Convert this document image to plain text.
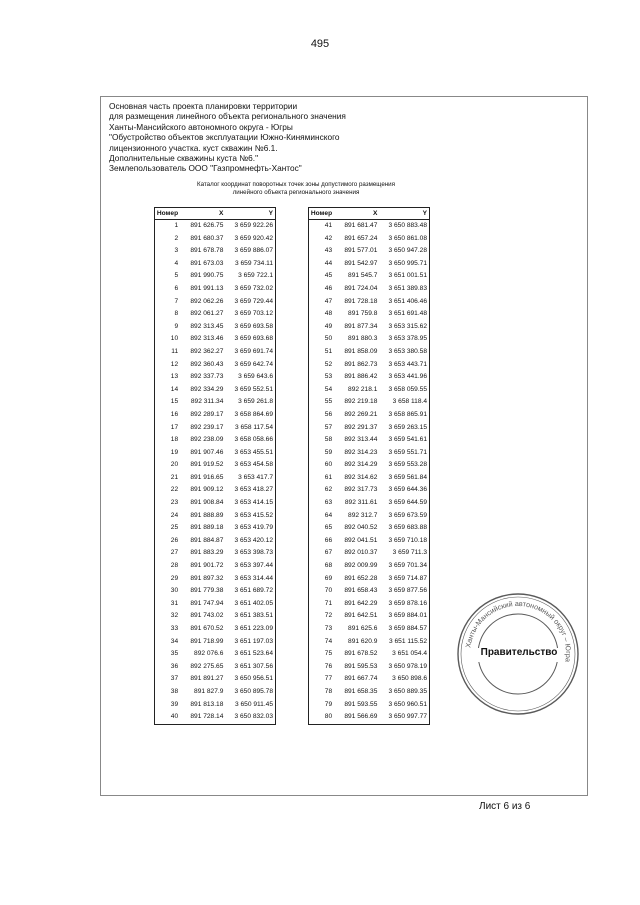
495
Основная часть проекта планировки территории
для размещения линейного объекта регионального значения
Ханты-Мансийского автономного округа - Югры
"Обустройство объектов эксплуатации Южно-Киняминского
лицензионного участка. куст скважин №6.1.
Дополнительные скважины куста №6."
Землепользователь ООО "Газпромнефть-Хантос"
Каталог координат поворотных точек зоны допустимого размещения
линейного объекта регионального значения
Номер	X	Y
1	891 626.75	3 659 922.26
2	891 680.37	3 659 920.42
3	891 678.78	3 659 886.07
4	891 673.03	3 659 734.11
5	891 990.75	3 659 722.1
6	891 991.13	3 659 732.02
7	892 062.26	3 659 729.44
8	892 061.27	3 659 703.12
9	892 313.45	3 659 693.58
10	892 313.46	3 659 693.68
11	892 362.27	3 659 691.74
12	892 360.43	3 659 642.74
13	892 337.73	3 659 643.6
14	892 334.29	3 659 552.51
15	892 311.34	3 659 261.8
16	892 289.17	3 658 864.69
17	892 239.17	3 658 117.54
18	892 238.09	3 658 058.66
19	891 907.46	3 653 455.51
20	891 919.52	3 653 454.58
21	891 916.65	3 653 417.7
22	891 909.12	3 653 418.27
23	891 908.84	3 653 414.15
24	891 888.89	3 653 415.52
25	891 889.18	3 653 419.79
26	891 884.87	3 653 420.12
27	891 883.29	3 653 398.73
28	891 901.72	3 653 397.44
29	891 897.32	3 653 314.44
30	891 779.38	3 651 689.72
31	891 747.94	3 651 402.05
32	891 743.02	3 651 383.51
33	891 670.52	3 651 223.09
34	891 718.99	3 651 197.03
35	892 076.6	3 651 523.64
36	892 275.65	3 651 307.56
37	891 891.27	3 650 956.51
38	891 827.9	3 650 895.78
39	891 813.18	3 650 911.45
40	891 728.14	3 650 832.03
Номер	X	Y
41	891 681.47	3 650 883.48
42	891 657.24	3 650 861.08
43	891 577.01	3 650 947.28
44	891 542.97	3 650 995.71
45	891 545.7	3 651 001.51
46	891 724.04	3 651 389.83
47	891 728.18	3 651 406.46
48	891 759.8	3 651 691.48
49	891 877.34	3 653 315.62
50	891 880.3	3 653 378.95
51	891 858.09	3 653 380.58
52	891 862.73	3 653 443.71
53	891 886.42	3 653 441.96
54	892 218.1	3 658 059.55
55	892 219.18	3 658 118.4
56	892 269.21	3 658 865.91
57	892 291.37	3 659 263.15
58	892 313.44	3 659 541.61
59	892 314.23	3 659 551.71
60	892 314.29	3 659 553.28
61	892 314.62	3 659 561.84
62	892 317.73	3 659 644.36
63	892 311.61	3 659 644.59
64	892 312.7	3 659 673.59
65	892 040.52	3 659 683.88
66	892 041.51	3 659 710.18
67	892 010.37	3 659 711.3
68	892 009.99	3 659 701.34
69	891 652.28	3 659 714.87
70	891 658.43	3 659 877.56
71	891 642.29	3 659 878.16
72	891 642.51	3 659 884.01
73	891 625.6	3 659 884.57
74	891 620.9	3 651 115.52
75	891 678.52	3 651 054.4
76	891 595.53	3 650 978.19
77	891 667.74	3 650 898.6
78	891 658.35	3 650 889.35
79	891 593.55	3 650 960.51
80	891 566.69	3 650 997.77
Лист 6 из 6
Ханты-Мансийский автономный округ – Югра
Правительство
